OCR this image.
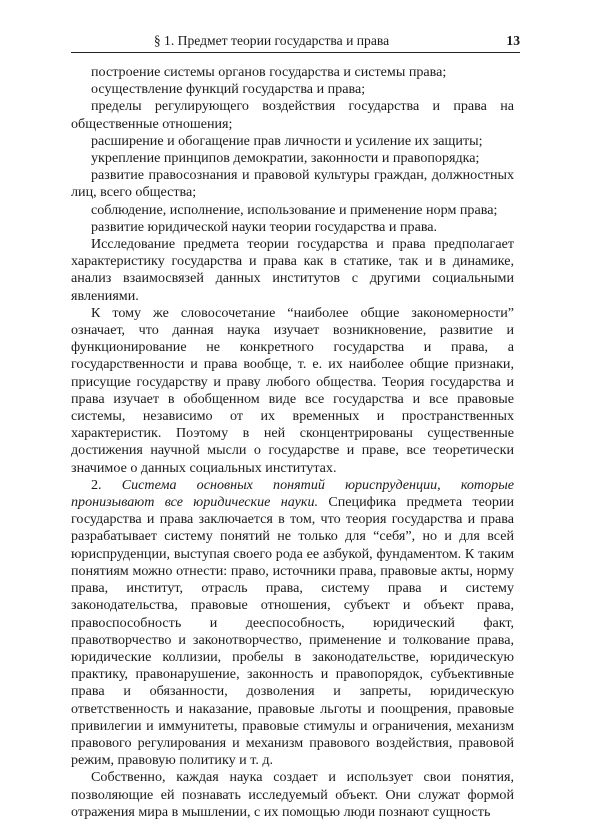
§ 1. Предмет теории государства и права	13

построение системы органов государства и системы права;

осуществление функций государства и права;

пределы регулирующего воздействия государства и права на общественные отношения;

расширение и обогащение прав личности и усиление их защиты;

укрепление принципов демократии, законности и правопорядка;

развитие правосознания и правовой культуры граждан, должностных лиц, всего общества;

соблюдение, исполнение, использование и применение норм права;

развитие юридической науки теории государства и права.

Исследование предмета теории государства и права предполагает характеристику государства и права как в статике, так и в динамике, анализ взаимосвязей данных институтов с другими социальными явлениями.

К тому же словосочетание “наиболее общие закономерности” означает, что данная наука изучает возникновение, развитие и функционирование не конкретного государства и права, а государственности и права вообще, т. е. их наиболее общие признаки, присущие государству и праву любого общества. Теория государства и права изучает в обобщенном виде все государства и все правовые системы, независимо от их временных и пространственных характеристик. Поэтому в ней сконцентрированы существенные достижения научной мысли о государстве и праве, все теоретически значимое о данных социальных институтах.

2. Система основных понятий юриспруденции, которые пронизывают все юридические науки. Специфика предмета теории государства и права заключается в том, что теория государства и права разрабатывает систему понятий не только для “себя”, но и для всей юриспруденции, выступая своего рода ее азбукой, фундаментом. К таким понятиям можно отнести: право, источники права, правовые акты, норму права, институт, отрасль права, систему права и систему законодательства, правовые отношения, субъект и объект права, правоспособность и дееспособность, юридический факт, правотворчество и законотворчество, применение и толкование права, юридические коллизии, пробелы в законодательстве, юридическую практику, правонарушение, законность и правопорядок, субъективные права и обязанности, дозволения и запреты, юридическую ответственность и наказание, правовые льготы и поощрения, правовые привилегии и иммунитеты, правовые стимулы и ограничения, механизм правового регулирования и механизм правового воздействия, правовой режим, правовую политику и т. д.

Собственно, каждая наука создает и использует свои понятия, позволяющие ей познавать исследуемый объект. Они служат формой отражения мира в мышлении, с их помощью люди познают сущность
